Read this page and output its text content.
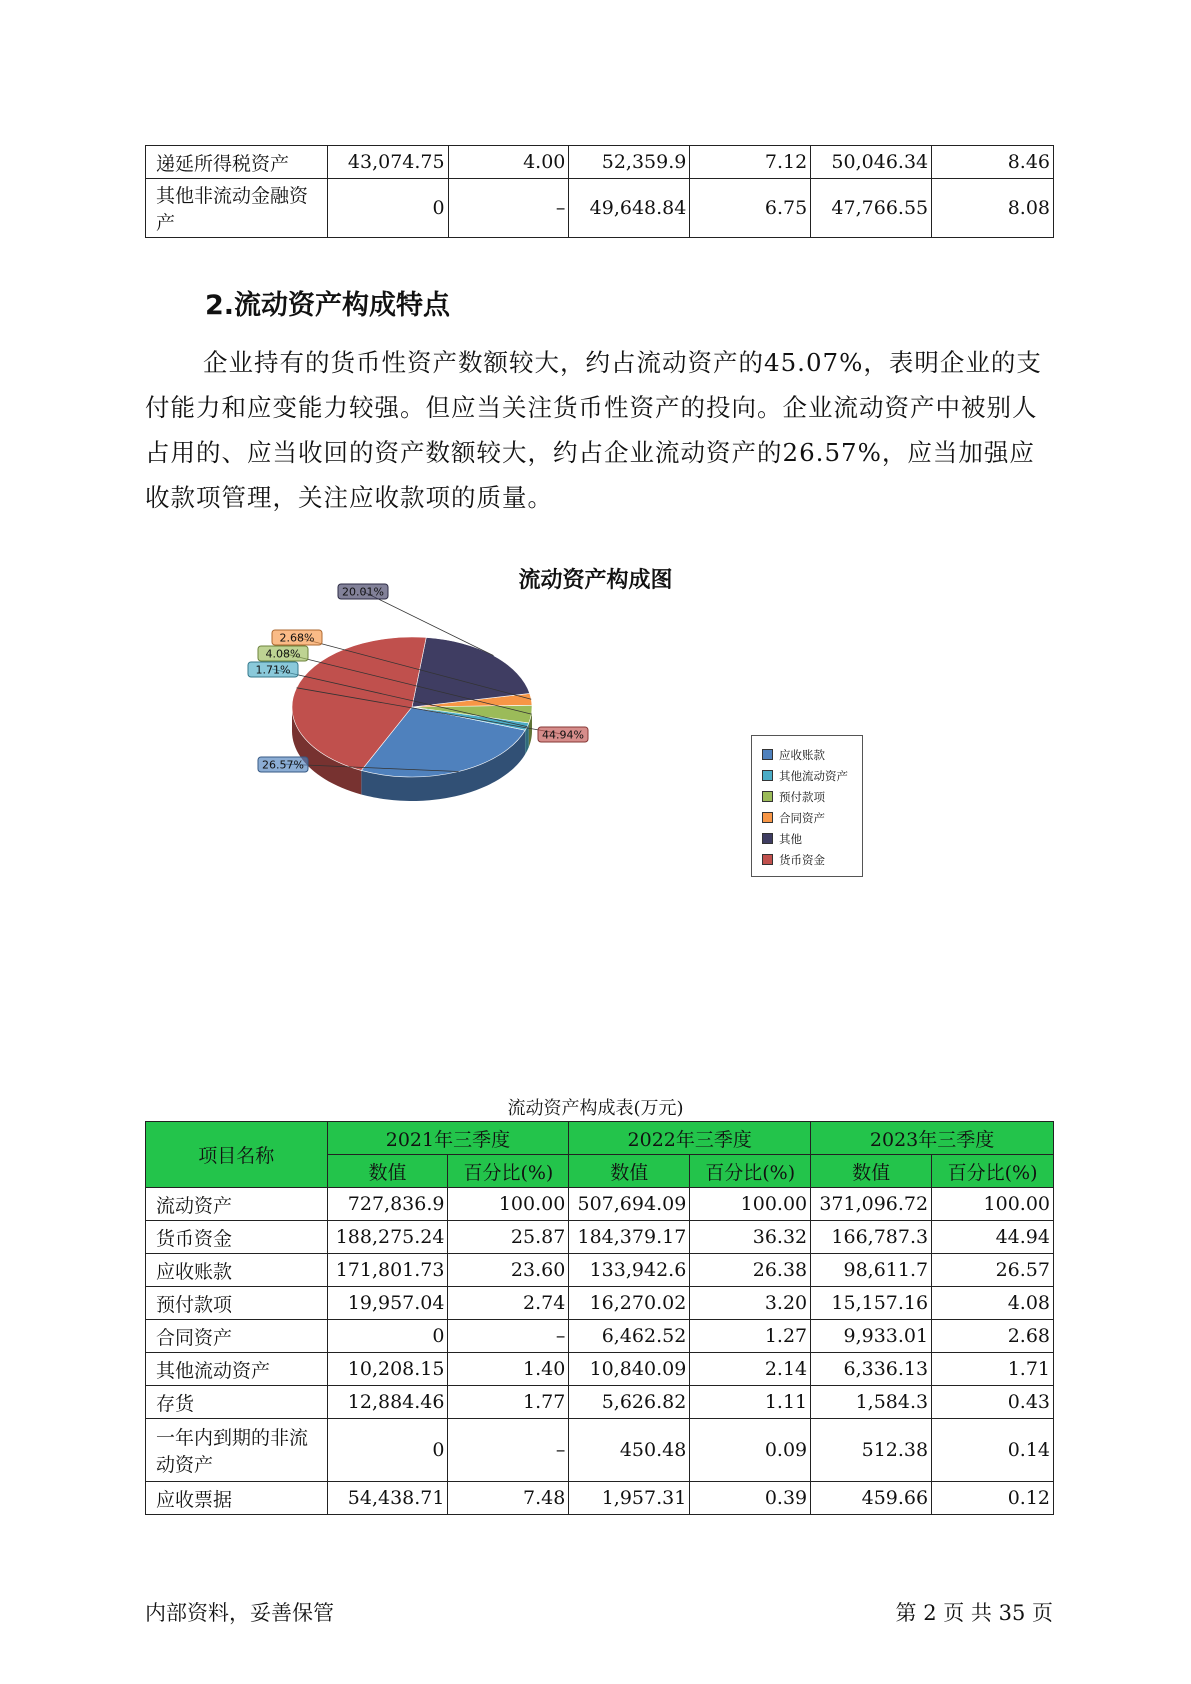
递延所得税资产	43,074.75	4.00	52,359.9	7.12	50,046.34	8.46
其他非流动金融资产	0	–	49,648.84	6.75	47,766.55	8.08
2.流动资产构成特点

企业持有的货币性资产数额较大，约占流动资产的45.07%，表明企业的支付能力和应变能力较强。但应当关注货币性资产的投向。企业流动资产中被别人占用的、应当收回的资产数额较大，约占企业流动资产的26.57%，应当加强应收款项管理，关注应收款项的质量。

流动资产构成图
26.57%
1.71%
4.08%
2.68%
20.01%
44.94%
应收账款
其他流动资产
预付款项
合同资产
其他
货币资金
流动资产构成表(万元)
项目名称	2021年三季度		2022年三季度		2023年三季度	
	数值	百分比(%)	数值	百分比(%)	数值	百分比(%)
流动资产	727,836.9	100.00	507,694.09	100.00	371,096.72	100.00
货币资金	188,275.24	25.87	184,379.17	36.32	166,787.3	44.94
应收账款	171,801.73	23.60	133,942.6	26.38	98,611.7	26.57
预付款项	19,957.04	2.74	16,270.02	3.20	15,157.16	4.08
合同资产	0	–	6,462.52	1.27	9,933.01	2.68
其他流动资产	10,208.15	1.40	10,840.09	2.14	6,336.13	1.71
存货	12,884.46	1.77	5,626.82	1.11	1,584.3	0.43
一年内到期的非流动资产	0	–	450.48	0.09	512.38	0.14
应收票据	54,438.71	7.48	1,957.31	0.39	459.66	0.12
内部资料，妥善保管	第 2 页 共 35 页
